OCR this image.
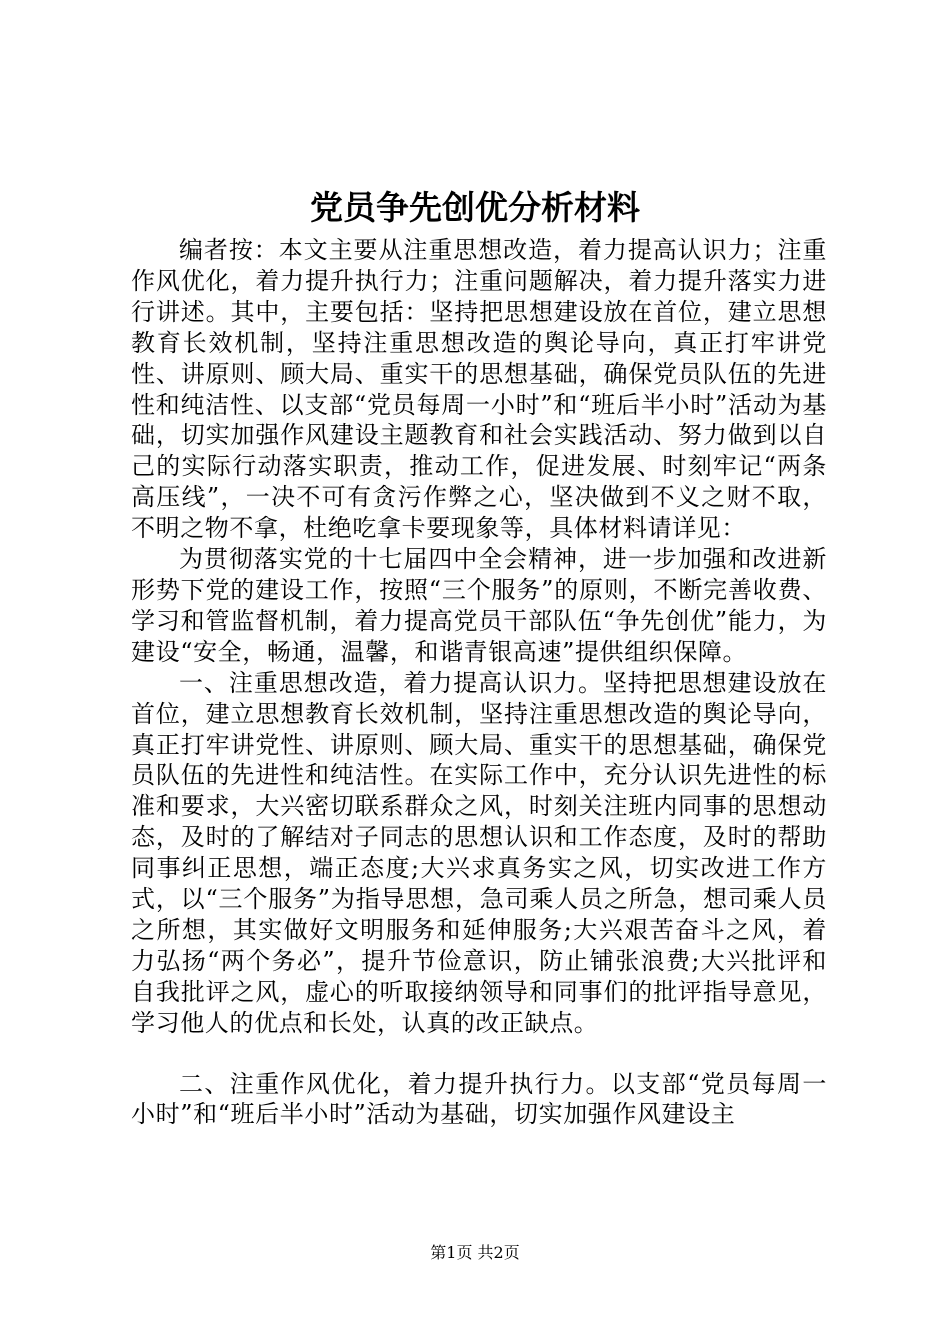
党员争先创优分析材料

编者按：本文主要从注重思想改造，着力提高认识力；注重作风优化，着力提升执行力；注重问题解决，着力提升落实力进行讲述。其中，主要包括：坚持把思想建设放在首位，建立思想教育长效机制，坚持注重思想改造的舆论导向，真正打牢讲党性、讲原则、顾大局、重实干的思想基础，确保党员队伍的先进性和纯洁性、以支部“党员每周一小时”和“班后半小时”活动为基础，切实加强作风建设主题教育和社会实践活动、努力做到以自己的实际行动落实职责，推动工作，促进发展、时刻牢记“两条高压线”，一决不可有贪污作弊之心，坚决做到不义之财不取，不明之物不拿，杜绝吃拿卡要现象等，具体材料请详见：

为贯彻落实党的十七届四中全会精神，进一步加强和改进新形势下党的建设工作，按照“三个服务”的原则，不断完善收费、学习和管监督机制，着力提高党员干部队伍“争先创优”能力，为建设“安全，畅通，温馨，和谐青银高速”提供组织保障。

一、注重思想改造，着力提高认识力。坚持把思想建设放在首位，建立思想教育长效机制，坚持注重思想改造的舆论导向，真正打牢讲党性、讲原则、顾大局、重实干的思想基础，确保党员队伍的先进性和纯洁性。在实际工作中，充分认识先进性的标准和要求，大兴密切联系群众之风，时刻关注班内同事的思想动态，及时的了解结对子同志的思想认识和工作态度，及时的帮助同事纠正思想，端正态度;大兴求真务实之风，切实改进工作方式，以“三个服务”为指导思想，急司乘人员之所急，想司乘人员之所想，其实做好文明服务和延伸服务;大兴艰苦奋斗之风，着力弘扬“两个务必”，提升节俭意识，防止铺张浪费;大兴批评和自我批评之风，虚心的听取接纳领导和同事们的批评指导意见，学习他人的优点和长处，认真的改正缺点。

二、注重作风优化，着力提升执行力。以支部“党员每周一小时”和“班后半小时”活动为基础，切实加强作风建设主

第1页 共2页
